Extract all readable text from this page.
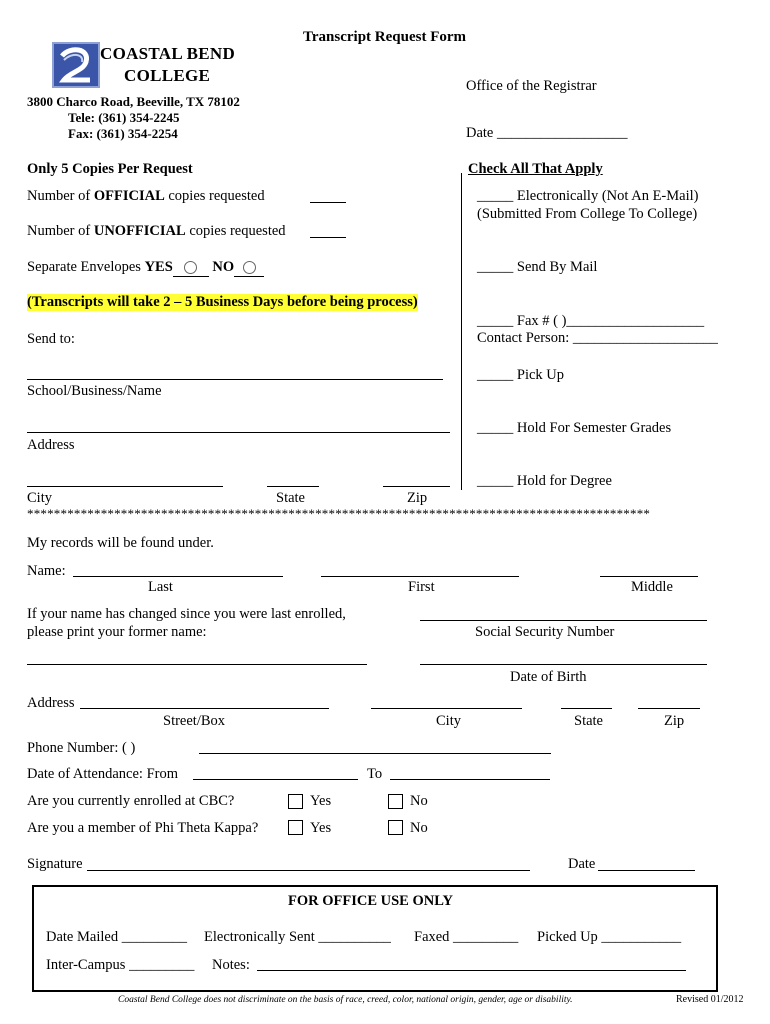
Transcript Request Form
COASTAL BEND
COLLEGE
3800 Charco Road, Beeville, TX 78102
Tele: (361) 354-2245
Fax: (361) 354-2254
Office of the Registrar
Date __________________
Only 5 Copies Per Request
Number of OFFICIAL copies requested
Number of UNOFFICIAL copies requested
Separate Envelopes YES	NO
(Transcripts will take 2 – 5 Business Days before being process)
Send to:
School/Business/Name
Address
City	State	Zip
Check All That Apply
_____ Electronically (Not An E-Mail)
(Submitted From College To College)
_____ Send By Mail
_____ Fax # ( )___________________
Contact Person: ____________________
_____ Pick Up
_____ Hold For Semester Grades
_____ Hold for Degree
*********************************************************************************************
My records will be found under.
Name:
Last	First	Middle
If your name has changed since you were last enrolled,
please print your former name:	Social Security Number
Date of Birth
Address
Street/Box	City	State	Zip
Phone Number: ( )
Date of Attendance: From	To
Are you currently enrolled at CBC?	Yes	No
Are you a member of Phi Theta Kappa?	Yes	No
Signature	Date
FOR OFFICE USE ONLY
Date Mailed _________ Electronically Sent __________ Faxed _________ Picked Up ___________
Inter-Campus _________ Notes:
Coastal Bend College does not discriminate on the basis of race, creed, color, national origin, gender, age or disability.	Revised 01/2012
